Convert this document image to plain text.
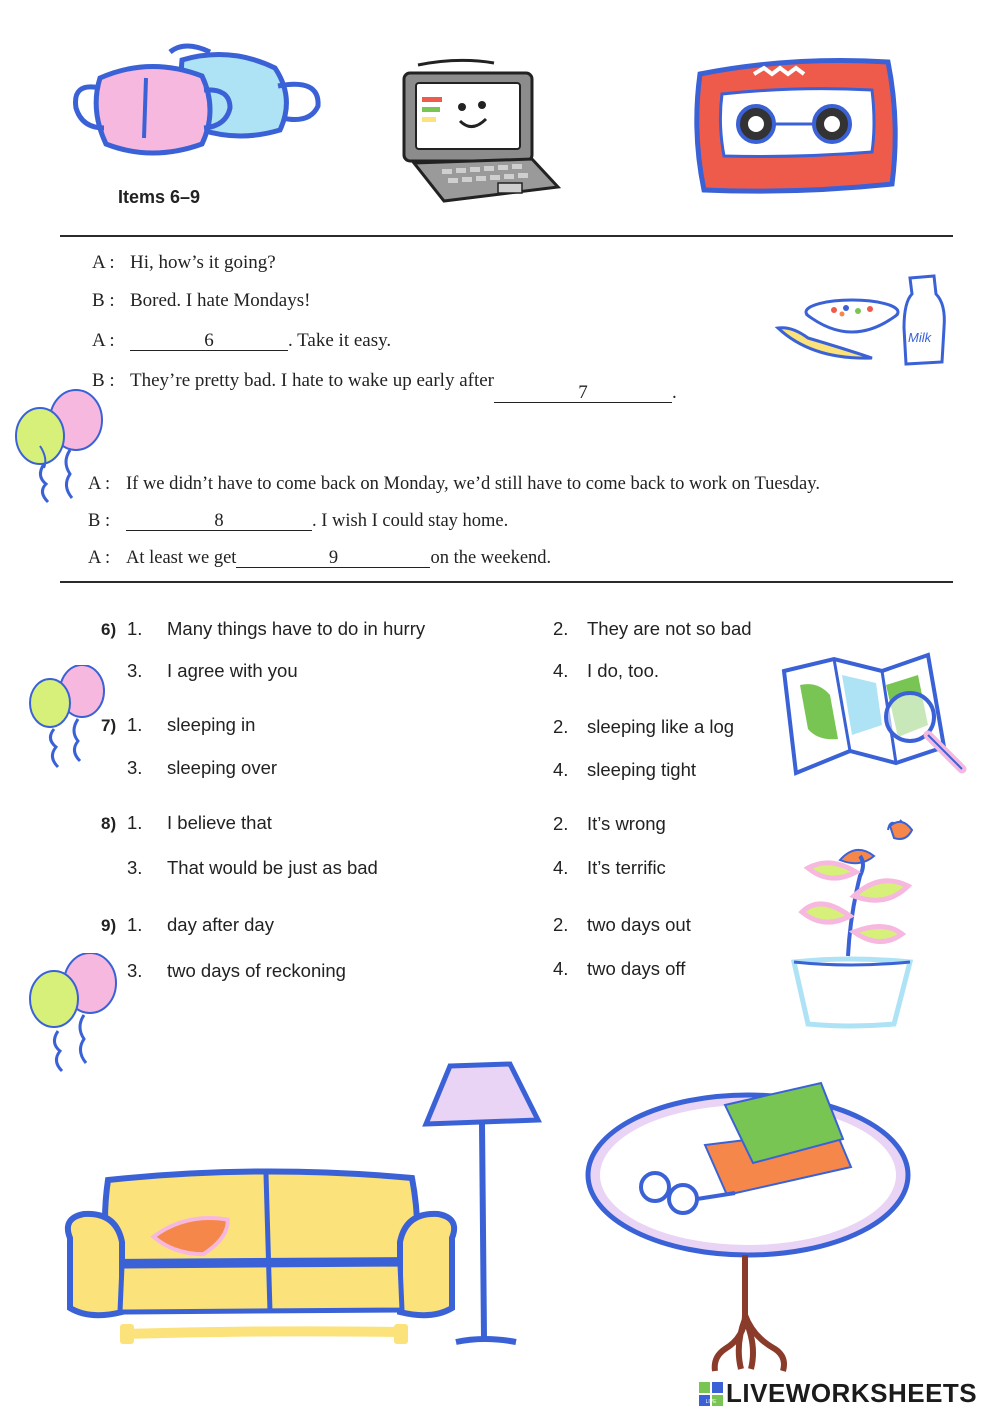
Items 6–9
A : Hi, how’s it going?
B : Bored. I hate Mondays!
A :	6	. Take it easy.
B : They’re pretty bad. I hate to wake up early after7	.
A : If we didn’t have to come back on Monday, we’d still have to come back to work on Tuesday.
B :	8	. I wish I could stay home.
A : At least we get	9	on the weekend.
Milk
6) 1. Many things have to do in hurry	2. They are not so bad
3. I agree with you	4. I do, too.
7) 1. sleeping in	2. sleeping like a log
3. sleeping over	4. sleeping tight
8) 1. I believe that	2. It’s wrong
3. That would be just as bad	4. It’s terrific
9) 1. day after day	2. two days out
3. two days of reckoning	4. two days off
LIVE LIVEWORKSHEETS
